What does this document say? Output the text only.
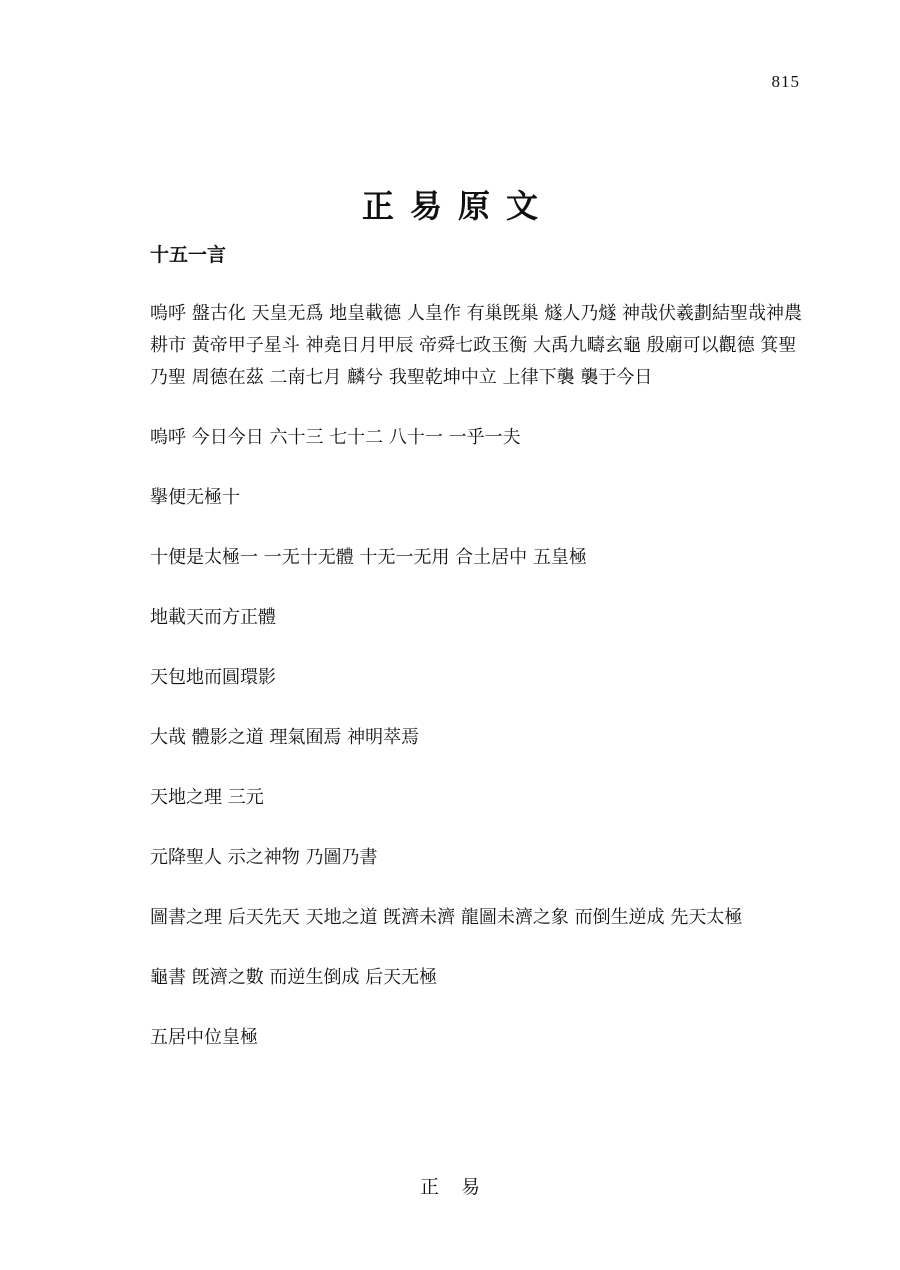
815
正易原文
十五一言

嗚呼 盤古化 天皇无爲 地皇載德 人皇作 有巢旣巢 燧人乃燧 神哉伏羲劃結聖哉神農耕市 黃帝甲子星斗 神堯日月甲辰 帝舜七政玉衡 大禹九疇玄龜 殷廟可以觀德 箕聖乃聖 周德在茲 二南七月 麟兮 我聖乾坤中立 上律下襲 襲于今日

嗚呼 今日今日 六十三 七十二 八十一 一乎一夫

擧便无極十

十便是太極一 一无十无體 十无一无用 合土居中 五皇極

地載天而方正體

天包地而圓環影

大哉 體影之道 理氣囿焉 神明萃焉

天地之理 三元

元降聖人 示之神物 乃圖乃書

圖書之理 后天先天 天地之道 旣濟未濟 龍圖未濟之象 而倒生逆成 先天太極

龜書 旣濟之數 而逆生倒成 后天无極

五居中位皇極

正易
